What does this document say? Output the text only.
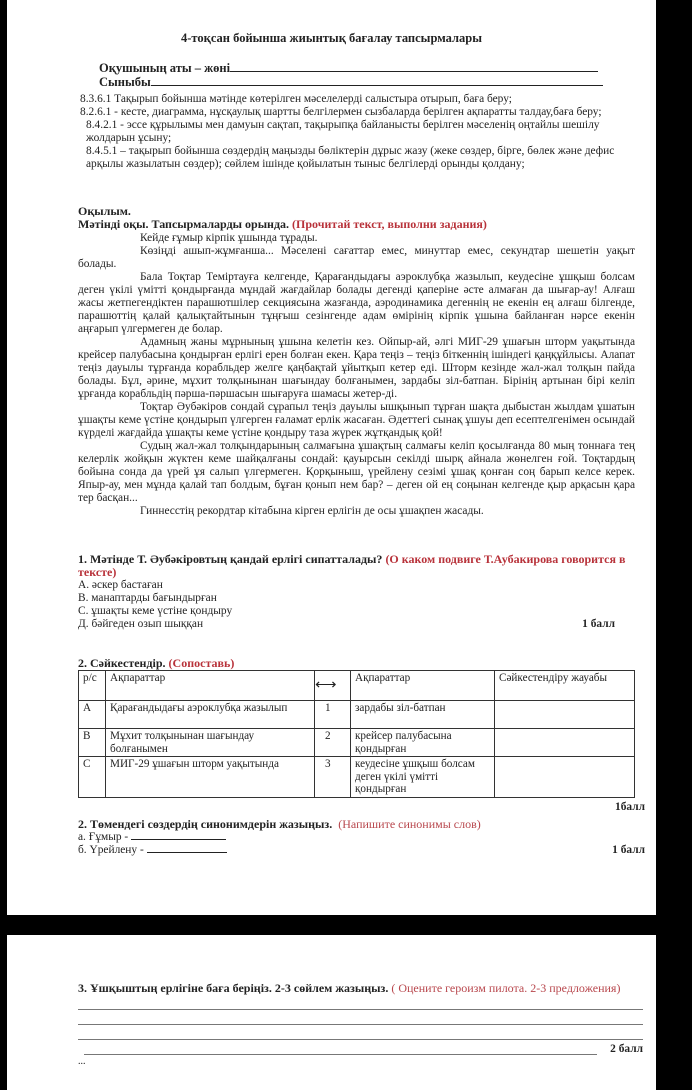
4-тоқсан бойынша жиынтық бағалау тапсырмалары
Оқушының аты – жөні
Сыныбы
8.3.6.1 Тақырып бойынша мәтінде көтерілген мәселелерді салыстыра отырып, баға беру;
8.2.6.1 - кесте, диаграмма, нұсқаулық шартты белгілермен сызбаларда берілген ақпаратты талдау,баға беру;
8.4.2.1 - эссе құрылымы мен дамуын сақтап, тақырыпқа байланысты берілген мәселенің оңтайлы шешілу жолдарын ұсыну;
8.4.5.1 – тақырып бойынша сөздердің маңызды бөліктерін дұрыс жазу (жеке сөздер, бірге, бөлек және дефис арқылы жазылатын сөздер); сөйлем ішінде қойылатын тыныс белгілерді орынды қолдану;
Оқылым.
Мәтінді оқы. Тапсырмаларды орында. (Прочитай текст, выполни задания)
Кейде ғұмыр кірпік ұшында тұрады.
Көзіңді ашып-жұмғанша... Мәселені сағаттар емес, минуттар емес, секундтар шешетін уақыт болады.
Бала Тоқтар Теміртауға келгенде, Қарағандыдағы аэроклубқа жазылып, кеудесіне ұшқыш болсам деген үкілі үмітті қондырғанда мұндай жағдайлар болады дегенді қаперіне әсте алмаған да шығар-ау! Алғаш жасы жетпегендіктен парашютшілер секциясына жазғанда, аэродинамика дегеннің не екенін ең алғаш білгенде, парашюттің қалай қалықтайтынын тұңғыш сезінгенде адам өмірінің кірпік ұшына байланған нәрсе екенін аңғарып үлгермеген де болар.
Адамның жаны мұрнының ұшына келетін кез. Ойпыр-ай, әлгі МИГ-29 ұшағын шторм уақытында крейсер палубасына қондырған ерлігі ерен болған екен. Қара теңіз – теңіз біткеннің ішіндегі қаңқұйлысы. Алапат теңіз дауылы тұрғанда корабльдер желге қаңбақтай ұйытқып кетер еді. Шторм кезінде жал-жал толқын пайда болады. Бұл, әрине, мұхит толқынынан шағындау болғанымен, зардабы зіл-батпан. Бірінің артынан бірі келіп ұрғанда корабльдің пәрша-пәршасын шығаруға шамасы жетер-ді.
Тоқтар Әубәкіров сондай сұрапыл теңіз дауылы ышқынып тұрған шақта дыбыстан жылдам ұшатын ұшақты кеме үстіне қондырып үлгерген ғаламат ерлік жасаған. Әдеттегі сынақ ұшуы деп есептелгенімен осындай күрделі жағдайда ұшақты кеме үстіне қондыру таза жүрек жұтқандық қой!
Судың жал-жал толқындарының салмағына ұшақтың салмағы келіп қосылғанда 80 мың тоннаға тең келерлік жойқын жүктен кеме шайқалғаны сондай: қауырсын секілді шырқ айнала жөнелген ғой. Тоқтардың бойына сонда да үрей ұя салып үлгермеген. Қорқыныш, үрейлену сезімі ұшақ қонған соң барып келсе керек. Япыр-ау, мен мұнда қалай тап болдым, бұған қонып нем бар? – деген ой ең соңынан келгенде қыр арқасын қара тер басқан...
Гиннесстің рекордтар кітабына кірген ерлігін де осы ұшақпен жасады.
1. Мәтінде Т. Әубәкіровтың қандай ерлігі сипатталады? (О каком подвиге Т.Аубакирова говорится в тексте)
А. әскер бастаған
В. манаптарды бағындырған
С. ұшақты кеме үстіне қондыру
Д. бәйгеден озып шыққан	1 балл
2. Сәйкестендір. (Сопоставь)
р/с	Ақпараттар	⟷	Ақпараттар	Сәйкестендіру жауабы
А	Қарағандыдағы аэроклубқа жазылып	1	зардабы зіл-батпан	
В	Мұхит толқынынан шағындау болғанымен	2	крейсер палубасына қондырған	
С	МИГ-29 ұшағын шторм уақытында	3	кеудесіне ұшқыш болсам деген үкілі үмітті қондырған	
1балл
2. Төмендегі сөздердің синонимдерін жазыңыз. (Напишите синонимы слов)
а. Ғұмыр -
б. Үрейлену -	1 балл
3. Ұшқыштың ерлігіне баға беріңіз. 2-3 сөйлем жазыңыз. ( Оцените героизм пилота. 2-3 предложения)
2 балл
...
